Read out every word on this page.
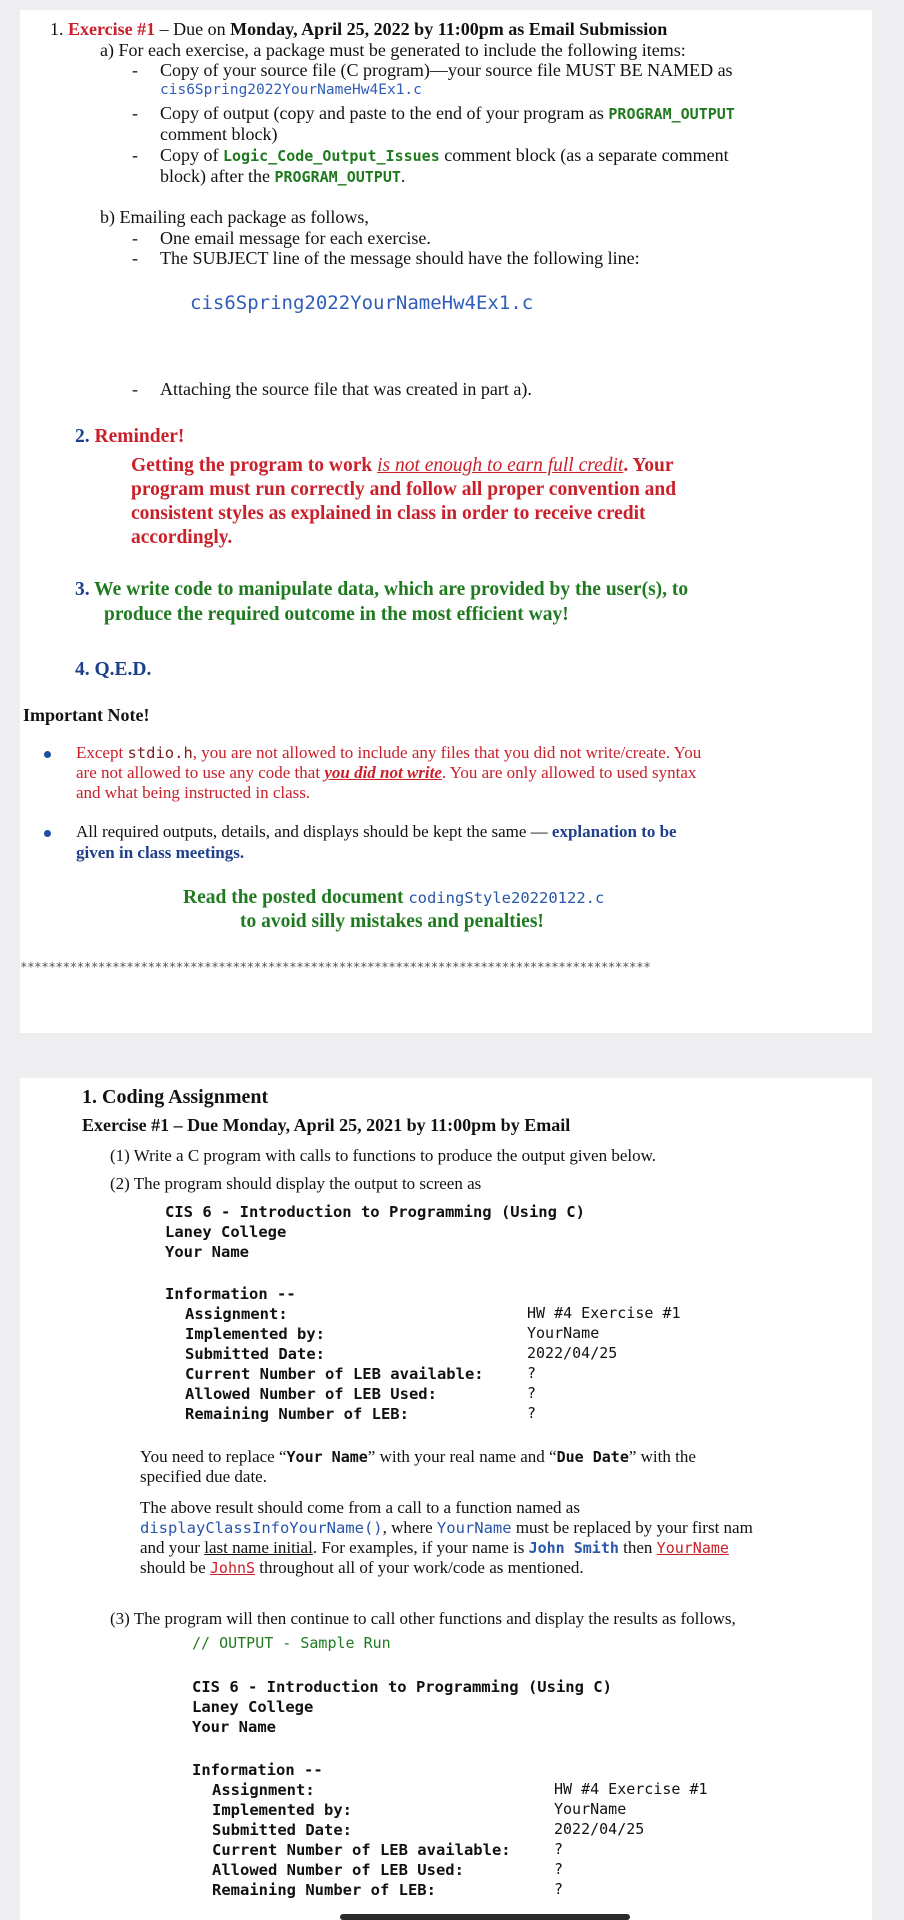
1. Exercise #1 – Due on Monday, April 25, 2022 by 11:00pm as Email Submission
a) For each exercise, a package must be generated to include the following items:
- Copy of your source file (C program)—your source file MUST BE NAMED as
cis6Spring2022YourNameHw4Ex1.c
- Copy of output (copy and paste to the end of your program as PROGRAM_OUTPUT
comment block)
- Copy of Logic_Code_Output_Issues comment block (as a separate comment
block) after the PROGRAM_OUTPUT.
b) Emailing each package as follows,
- One email message for each exercise.
- The SUBJECT line of the message should have the following line:
cis6Spring2022YourNameHw4Ex1.c
- Attaching the source file that was created in part a).
2. Reminder!
Getting the program to work is not enough to earn full credit. Your
program must run correctly and follow all proper convention and
consistent styles as explained in class in order to receive credit
accordingly.
3. We write code to manipulate data, which are provided by the user(s), to
produce the required outcome in the most efficient way!
4. Q.E.D.
Important Note!
Except stdio.h, you are not allowed to include any files that you did not write/create. You
are not allowed to use any code that you did not write. You are only allowed to used syntax
and what being instructed in class.
All required outputs, details, and displays should be kept the same — explanation to be
given in class meetings.
Read the posted document codingStyle20220122.c
to avoid silly mistakes and penalties!
*****************************************************************************************
1. Coding Assignment
Exercise #1 – Due Monday, April 25, 2021 by 11:00pm by Email
(1) Write a C program with calls to functions to produce the output given below.
(2) The program should display the output to screen as
CIS 6 - Introduction to Programming (Using C)
Laney College
Your Name
Information --
Assignment:
Implemented by:
Submitted Date:
Current Number of LEB available:
Allowed Number of LEB Used:
Remaining Number of LEB:
HW #4 Exercise #1
YourName
2022/04/25
?
?
?
You need to replace “Your Name” with your real name and “Due Date” with the
specified due date.
The above result should come from a call to a function named as
displayClassInfoYourName(), where YourName must be replaced by your first nam
and your last name initial. For examples, if your name is John Smith then YourName
should be JohnS throughout all of your work/code as mentioned.
(3) The program will then continue to call other functions and display the results as follows,
// OUTPUT - Sample Run
CIS 6 - Introduction to Programming (Using C)
Laney College
Your Name
Information --
Assignment:
Implemented by:
Submitted Date:
Current Number of LEB available:
Allowed Number of LEB Used:
Remaining Number of LEB:
HW #4 Exercise #1
YourName
2022/04/25
?
?
?
